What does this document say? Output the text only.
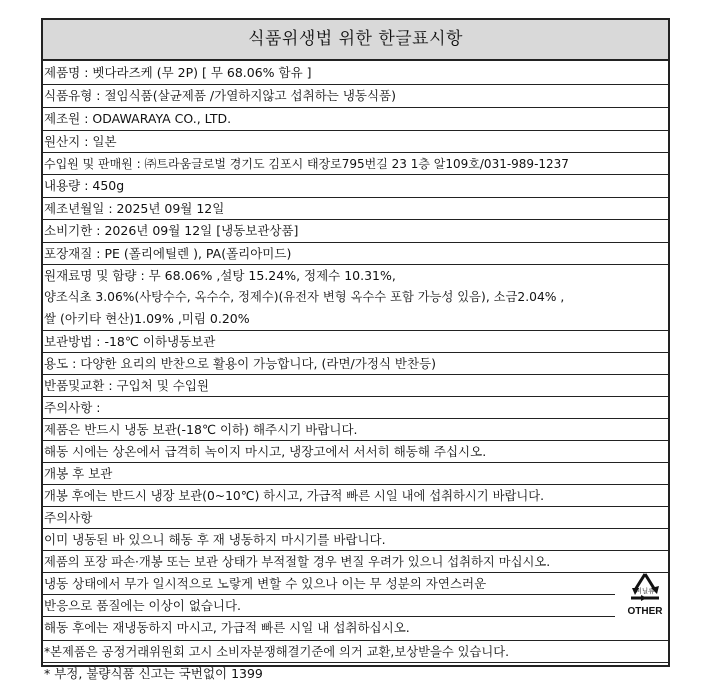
식품위생법 위한 한글표시항
제품명 : 벳다라즈케 (무 2P) [ 무 68.06% 함유 ]
식품유형 : 절임식품(살균제품 /가열하지않고 섭취하는 냉동식품)
제조원 : ODAWARAYA CO., LTD.
원산지 : 일본
수입원 및 판매원 : ㈜트라움글로벌 경기도 김포시 태장로795번길 23 1층 알109호/031-989-1237
내용량 : 450g
제조년월일 : 2025년 09월 12일
소비기한 : 2026년 09월 12일 [냉동보관상품]
포장재질 : PE (폴리에틸렌 ), PA(폴리아미드)
원재료명 및 함량 : 무 68.06% ,설탕 15.24%, 정제수 10.31%,
양조식초 3.06%(사탕수수, 옥수수, 정제수)(유전자 변형 옥수수 포함 가능성 있음), 소금2.04% ,
쌀 (아키타 현산)1.09% ,미림 0.20%
보관방법 : -18℃ 이하냉동보관
용도 : 다양한 요리의 반찬으로 활용이 가능합니다, (라면/가정식 반찬등)
반품및교환 : 구입처 및 수입원
주의사항 :
제품은 반드시 냉동 보관(-18℃ 이하) 해주시기 바랍니다.
해동 시에는 상온에서 급격히 녹이지 마시고, 냉장고에서 서서히 해동해 주십시오.
개봉 후 보관
개봉 후에는 반드시 냉장 보관(0~10℃) 하시고, 가급적 빠른 시일 내에 섭취하시기 바랍니다.
주의사항
이미 냉동된 바 있으니 해동 후 재 냉동하지 마시기를 바랍니다.
제품의 포장 파손·개봉 또는 보관 상태가 부적절할 경우 변질 우려가 있으니 섭취하지 마십시오.
냉동 상태에서 무가 일시적으로 노랗게 변할 수 있으나 이는 무 성분의 자연스러운
반응으로 품질에는 이상이 없습니다.
해동 후에는 재냉동하지 마시고, 가급적 빠른 시일 내 섭취하십시오.
*본제품은 공정거래위원회 고시 소비자분쟁해결기준에 의거 교환,보상받을수 있습니다.
* 부정, 불량식품 신고는 국번없이 1399
비닐류
OTHER
